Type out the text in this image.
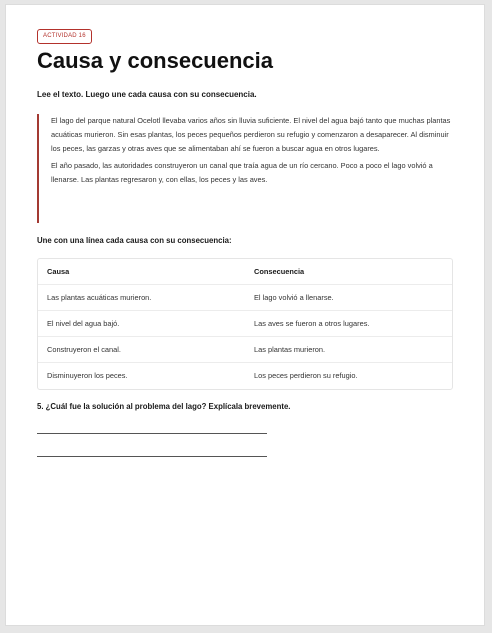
ACTIVIDAD 16
Causa y consecuencia
Lee el texto. Luego une cada causa con su consecuencia.

El lago del parque natural Ocelotl llevaba varios años sin lluvia suficiente. El nivel del agua bajó tanto que muchas plantas acuáticas murieron. Sin esas plantas, los peces pequeños perdieron su refugio y comenzaron a desaparecer. Al disminuir los peces, las garzas y otras aves que se alimentaban ahí se fueron a buscar agua en otros lugares.

El año pasado, las autoridades construyeron un canal que traía agua de un río cercano. Poco a poco el lago volvió a llenarse. Las plantas regresaron y, con ellas, los peces y las aves.

Une con una línea cada causa con su consecuencia:
Causa	Consecuencia
Las plantas acuáticas murieron.	El lago volvió a llenarse.
El nivel del agua bajó.	Las aves se fueron a otros lugares.
Construyeron el canal.	Las plantas murieron.
Disminuyeron los peces.	Los peces perdieron su refugio.
5. ¿Cuál fue la solución al problema del lago? Explícala brevemente.
